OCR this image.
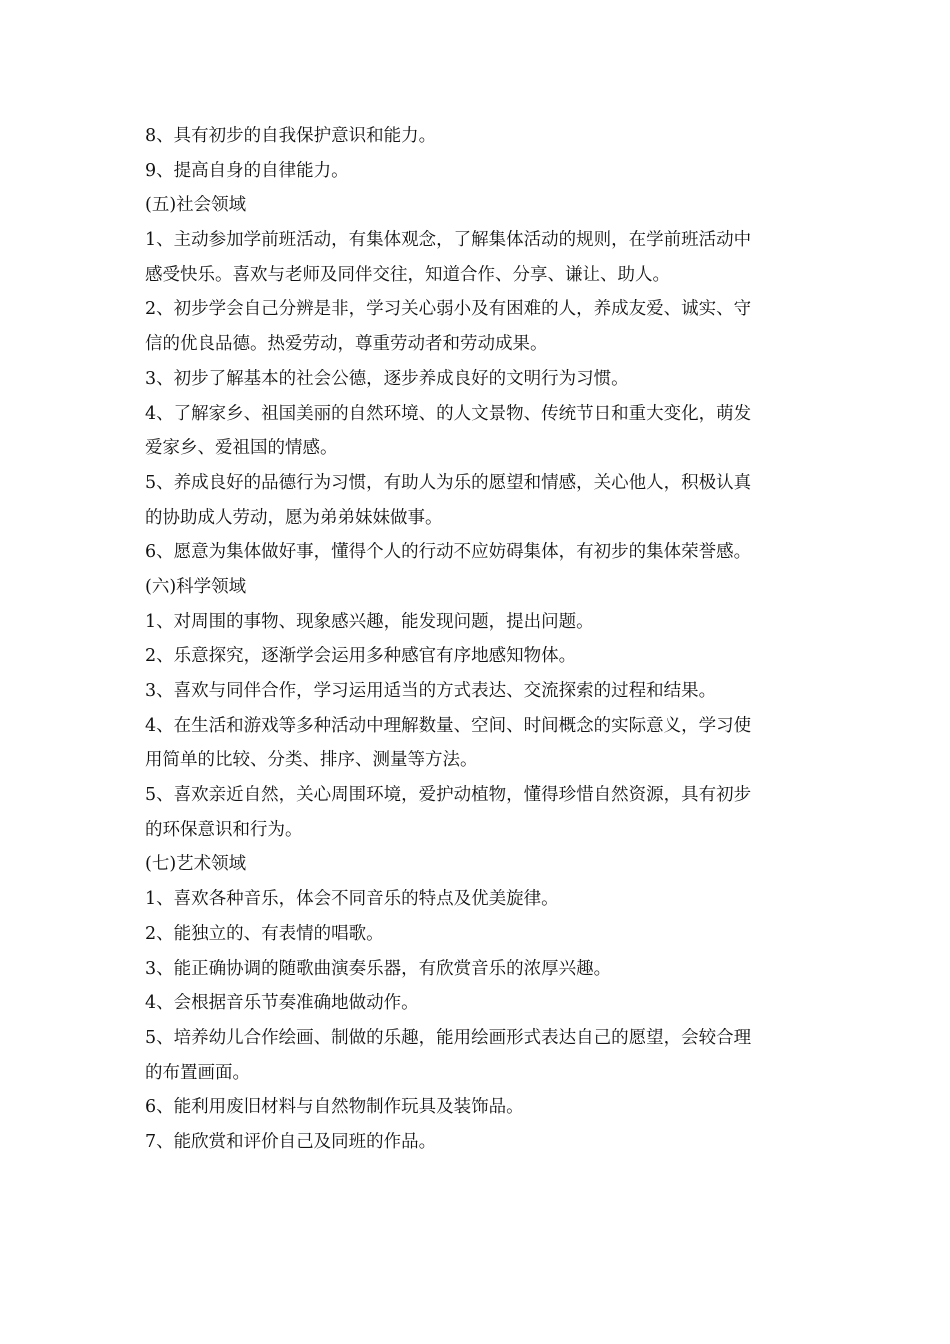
8、具有初步的自我保护意识和能力。
9、提高自身的自律能力。
(五)社会领域
1、主动参加学前班活动，有集体观念，了解集体活动的规则，在学前班活动中
感受快乐。喜欢与老师及同伴交往，知道合作、分享、谦让、助人。
2、初步学会自己分辨是非，学习关心弱小及有困难的人，养成友爱、诚实、守
信的优良品德。热爱劳动，尊重劳动者和劳动成果。
3、初步了解基本的社会公德，逐步养成良好的文明行为习惯。
4、了解家乡、祖国美丽的自然环境、的人文景物、传统节日和重大变化，萌发
爱家乡、爱祖国的情感。
5、养成良好的品德行为习惯，有助人为乐的愿望和情感，关心他人，积极认真
的协助成人劳动，愿为弟弟妹妹做事。
6、愿意为集体做好事，懂得个人的行动不应妨碍集体，有初步的集体荣誉感。
(六)科学领域
1、对周围的事物、现象感兴趣，能发现问题，提出问题。
2、乐意探究，逐渐学会运用多种感官有序地感知物体。
3、喜欢与同伴合作，学习运用适当的方式表达、交流探索的过程和结果。
4、在生活和游戏等多种活动中理解数量、空间、时间概念的实际意义，学习使
用简单的比较、分类、排序、测量等方法。
5、喜欢亲近自然，关心周围环境，爱护动植物，懂得珍惜自然资源，具有初步
的环保意识和行为。
(七)艺术领域
1、喜欢各种音乐，体会不同音乐的特点及优美旋律。
2、能独立的、有表情的唱歌。
3、能正确协调的随歌曲演奏乐器，有欣赏音乐的浓厚兴趣。
4、会根据音乐节奏准确地做动作。
5、培养幼儿合作绘画、制做的乐趣，能用绘画形式表达自己的愿望，会较合理
的布置画面。
6、能利用废旧材料与自然物制作玩具及装饰品。
7、能欣赏和评价自己及同班的作品。
